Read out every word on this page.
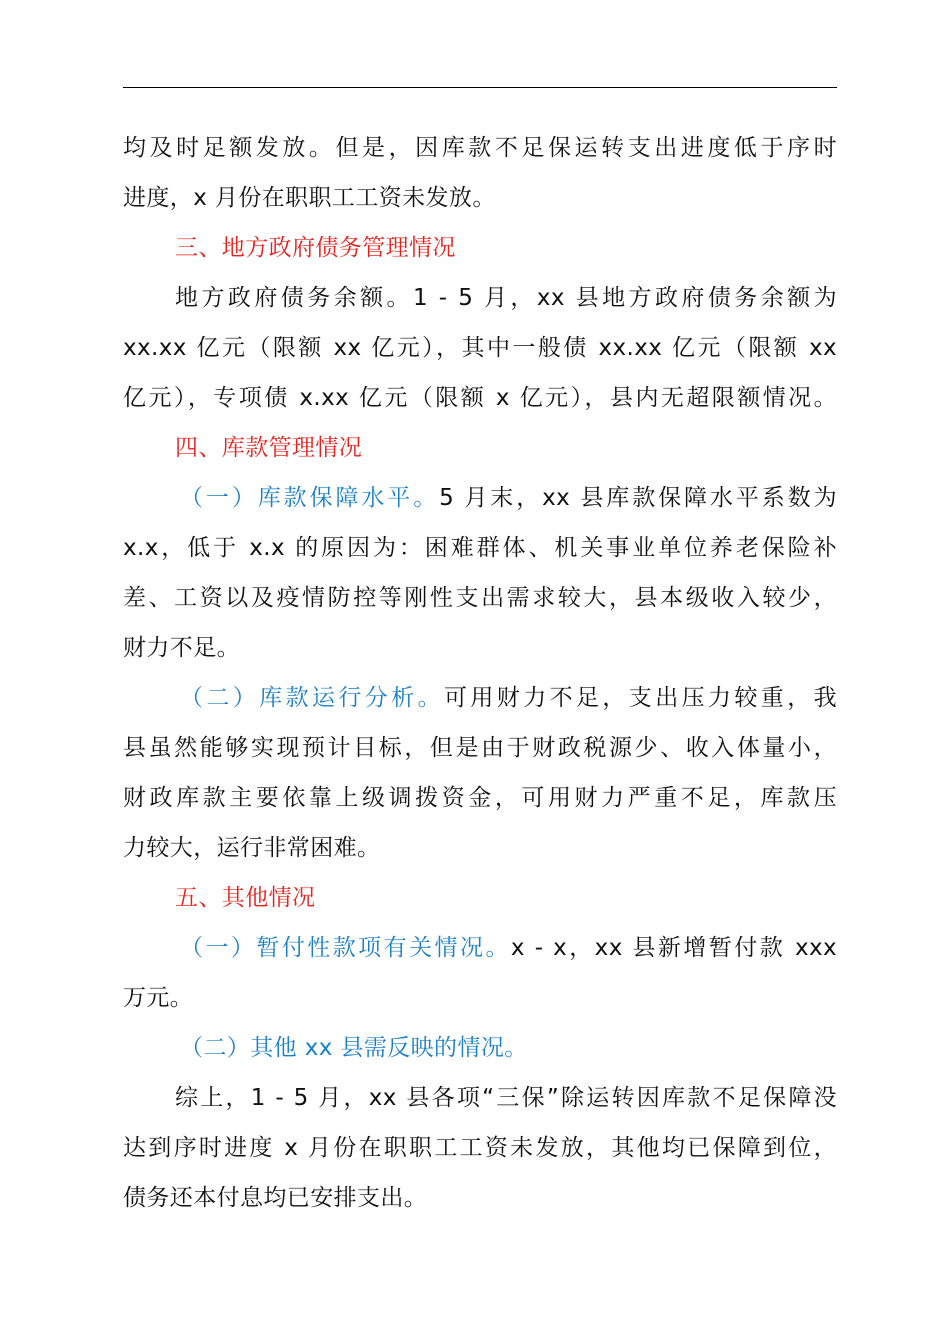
均及时足额发放。但是，因库款不足保运转支出进度低于序时
进度，x 月份在职职工工资未发放。
三、地方政府债务管理情况
地方政府债务余额。1 - 5 月，xx 县地方政府债务余额为
xx.xx 亿元（限额 xx 亿元），其中一般债 xx.xx 亿元（限额 xx
亿元），专项债 x.xx 亿元（限额 x 亿元），县内无超限额情况。
四、库款管理情况
（一）库款保障水平。5 月末，xx 县库款保障水平系数为
x.x，低于 x.x 的原因为：困难群体、机关事业单位养老保险补
差、工资以及疫情防控等刚性支出需求较大，县本级收入较少，
财力不足。
（二）库款运行分析。可用财力不足，支出压力较重，我
县虽然能够实现预计目标，但是由于财政税源少、收入体量小，
财政库款主要依靠上级调拨资金，可用财力严重不足，库款压
力较大，运行非常困难。
五、其他情况
（一）暂付性款项有关情况。x - x，xx 县新增暂付款 xxx
万元。
（二）其他 xx 县需反映的情况。
综上，1 - 5 月，xx 县各项“三保”除运转因库款不足保障没
达到序时进度 x 月份在职职工工资未发放，其他均已保障到位，
债务还本付息均已安排支出。
